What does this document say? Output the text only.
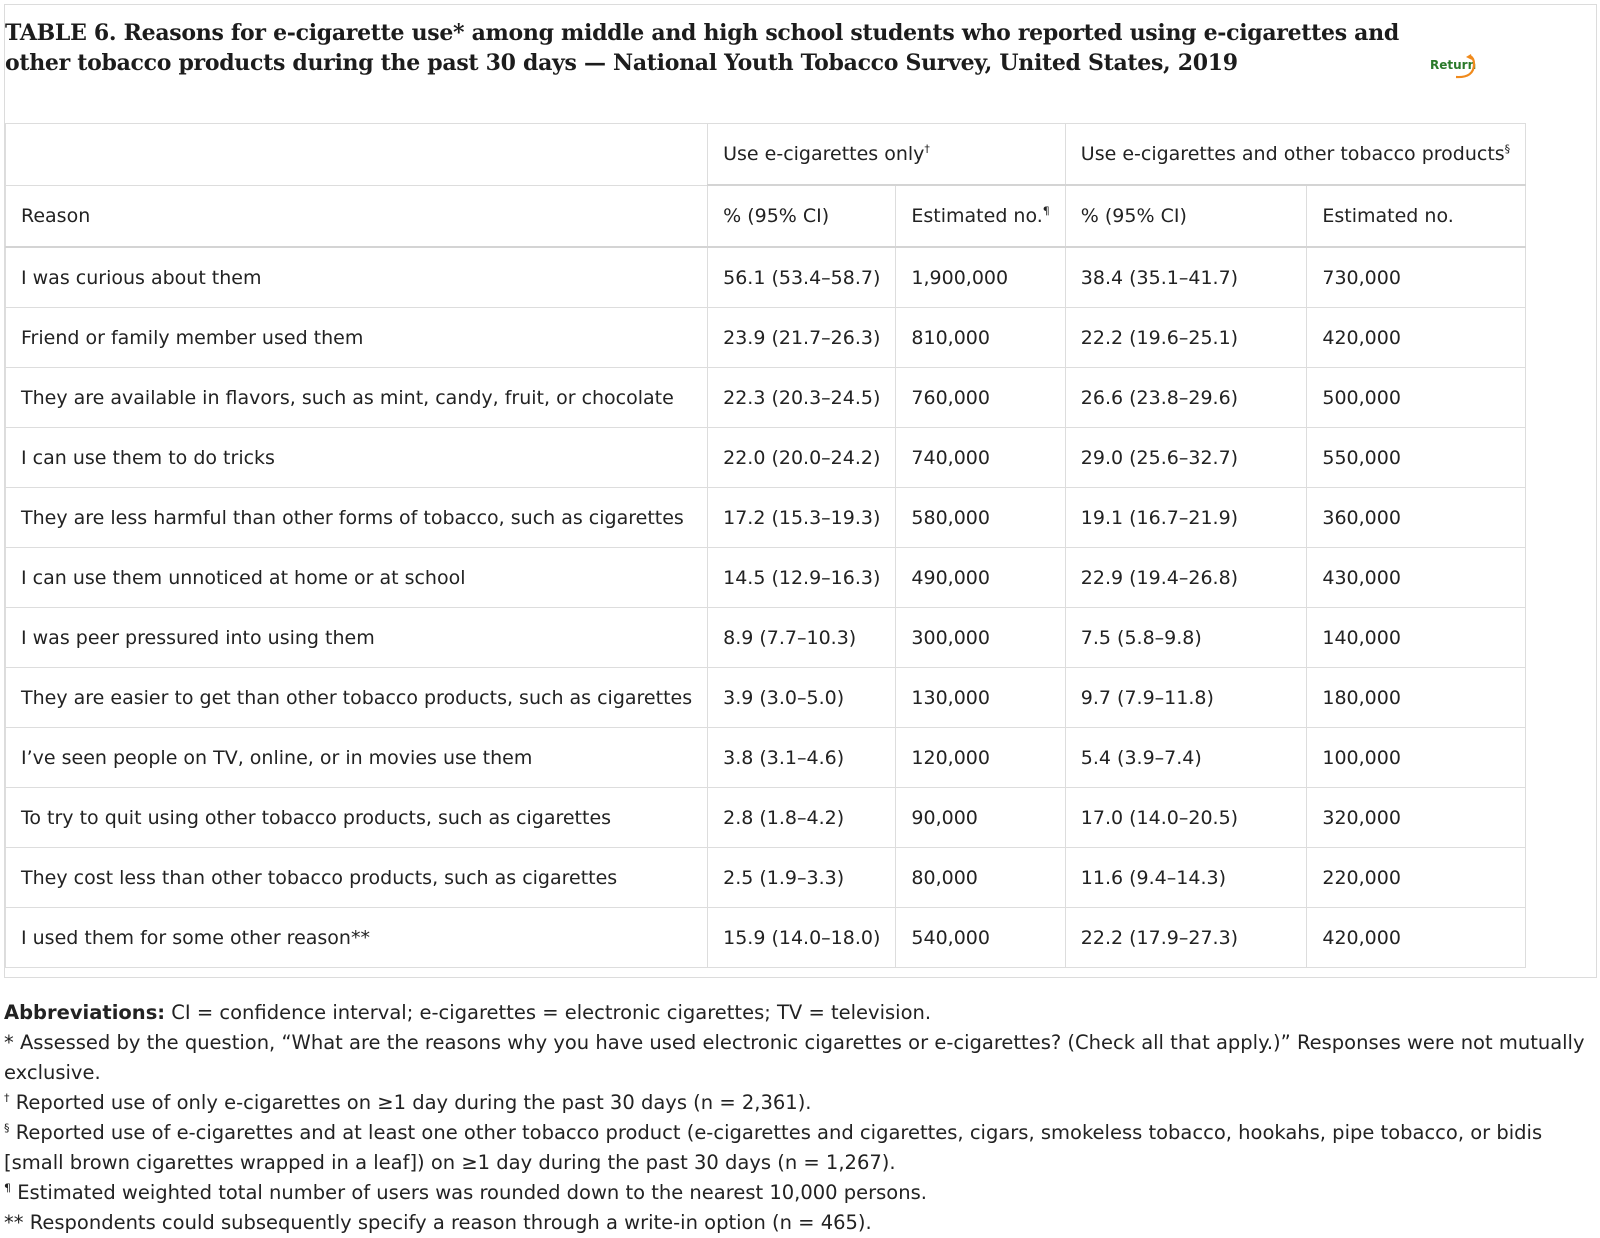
TABLE 6. Reasons for e-cigarette use* among middle and high school students who reported using e-cigarettes and other tobacco products during the past 30 days — National Youth Tobacco Survey, United States, 2019	Return
	Use e-cigarettes only†		Use e-cigarettes and other tobacco products§
Reason	% (95% CI)	Estimated no.¶	% (95% CI)	Estimated no.
I was curious about them	56.1 (53.4–58.7)	1,900,000	38.4 (35.1–41.7)	730,000
Friend or family member used them	23.9 (21.7–26.3)	810,000	22.2 (19.6–25.1)	420,000
They are available in flavors, such as mint, candy, fruit, or chocolate	22.3 (20.3–24.5)	760,000	26.6 (23.8–29.6)	500,000
I can use them to do tricks	22.0 (20.0–24.2)	740,000	29.0 (25.6–32.7)	550,000
They are less harmful than other forms of tobacco, such as cigarettes	17.2 (15.3–19.3)	580,000	19.1 (16.7–21.9)	360,000
I can use them unnoticed at home or at school	14.5 (12.9–16.3)	490,000	22.9 (19.4–26.8)	430,000
I was peer pressured into using them	8.9 (7.7–10.3)	300,000	7.5 (5.8–9.8)	140,000
They are easier to get than other tobacco products, such as cigarettes	3.9 (3.0–5.0)	130,000	9.7 (7.9–11.8)	180,000
I’ve seen people on TV, online, or in movies use them	3.8 (3.1–4.6)	120,000	5.4 (3.9–7.4)	100,000
To try to quit using other tobacco products, such as cigarettes	2.8 (1.8–4.2)	90,000	17.0 (14.0–20.5)	320,000
They cost less than other tobacco products, such as cigarettes	2.5 (1.9–3.3)	80,000	11.6 (9.4–14.3)	220,000
I used them for some other reason**	15.9 (14.0–18.0)	540,000	22.2 (17.9–27.3)	420,000

Abbreviations: CI = confidence interval; e-cigarettes = electronic cigarettes; TV = television.

* Assessed by the question, “What are the reasons why you have used electronic cigarettes or e-cigarettes? (Check all that apply.)” Responses were not mutually exclusive.

† Reported use of only e-cigarettes on ≥1 day during the past 30 days (n = 2,361).

§ Reported use of e-cigarettes and at least one other tobacco product (e-cigarettes and cigarettes, cigars, smokeless tobacco, hookahs, pipe tobacco, or bidis [small brown cigarettes wrapped in a leaf]) on ≥1 day during the past 30 days (n = 1,267).

¶ Estimated weighted total number of users was rounded down to the nearest 10,000 persons.

** Respondents could subsequently specify a reason through a write-in option (n = 465).
